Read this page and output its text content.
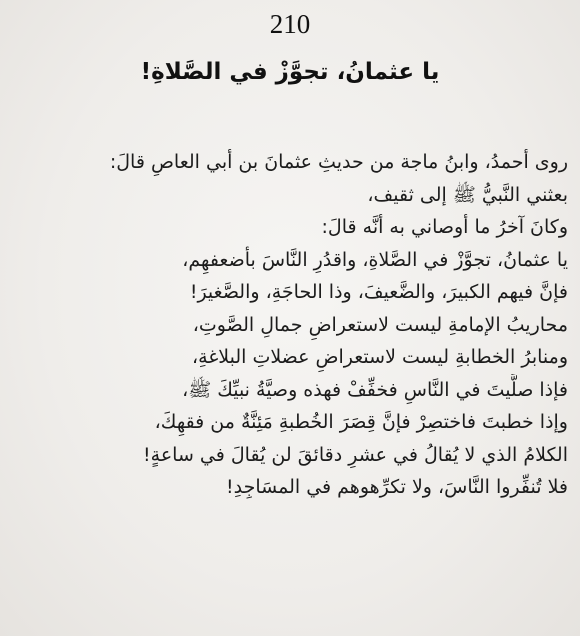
210
يا عثمانُ، تجوَّزْ في الصَّلاةِ!
روى أحمدُ، وابنُ ماجة من حديثِ عثمانَ بن أبي العاصِ قالَ:
بعثني النَّبيُّ ﷺ إلى ثقيف،
وكانَ آخرُ ما أوصاني به أنَّه قالَ:
يا عثمانُ، تجوَّزْ في الصَّلاةِ، واقدُرِ النَّاسَ بأضعفهِم،
فإنَّ فيهم الكبيرَ، والضَّعيفَ، وذا الحاجَةِ، والصَّغيرَ!
محاريبُ الإمامةِ ليست لاستعراضِ جمالِ الصَّوتِ،
ومنابرُ الخطابةِ ليست لاستعراضِ عضلاتِ البلاغةِ،
فإذا صلَّيتَ في النَّاسِ فخفِّفْ فهذه وصيَّةُ نبيِّكَ ﷺ،
وإذا خطبتَ فاختصِرْ فإنَّ قِصَرَ الخُطبةِ مَئِنَّةٌ من فقهِكَ،
الكلامُ الذي لا يُقالُ في عشرِ دقائقَ لن يُقالَ في ساعةٍ!
فلا تُنفِّروا النَّاسَ، ولا تكرِّهوهم في المسَاجِدِ!
